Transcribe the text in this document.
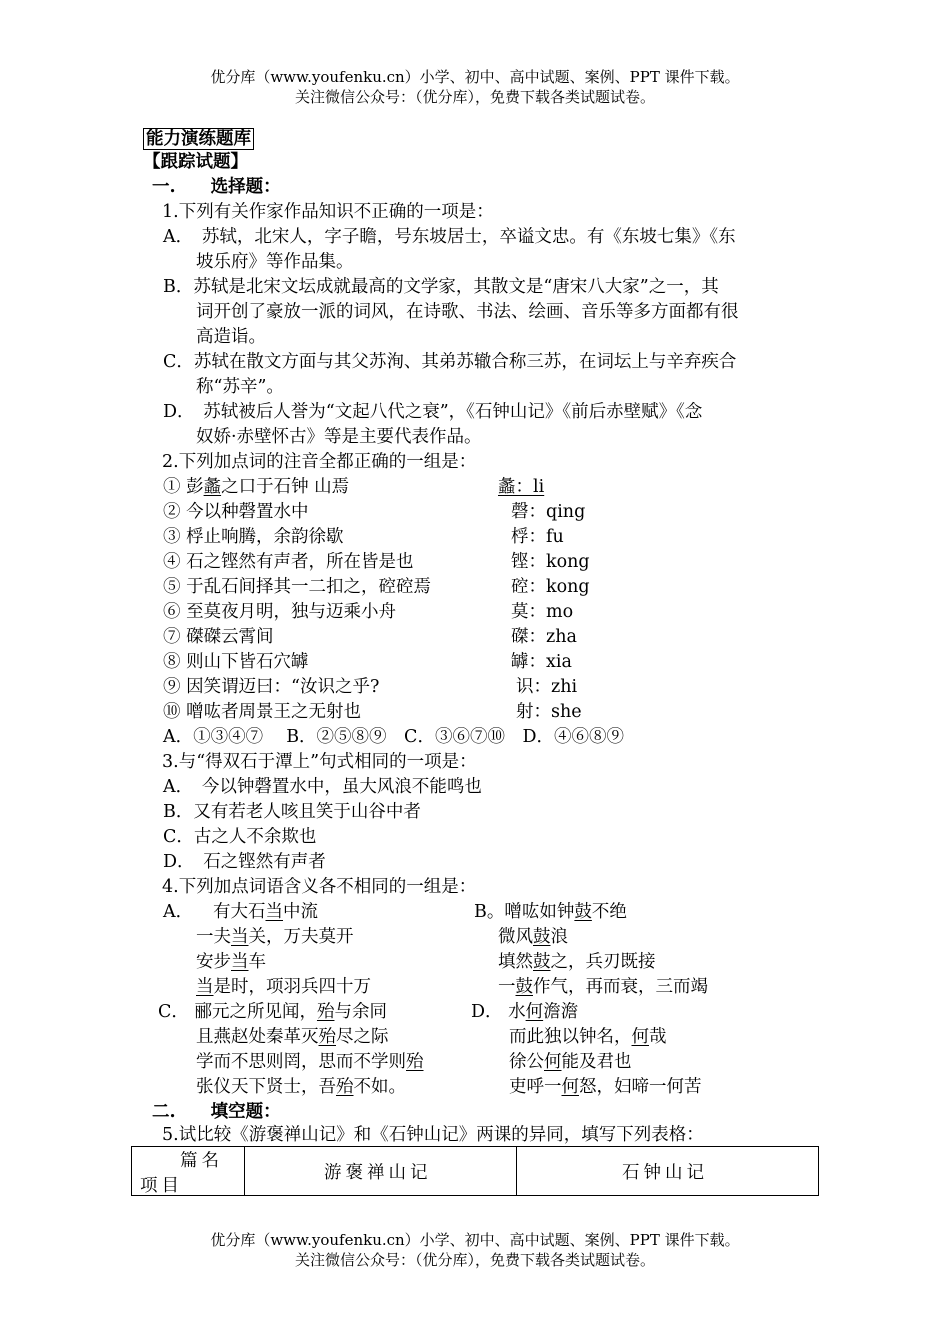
优分库（www.youfenku.cn）小学、初中、高中试题、案例、PPT 课件下载。
关注微信公众号：（优分库），免费下载各类试题试卷。
能力演练题库
【跟踪试题】
一.　　选择题：
1.下列有关作家作品知识不正确的一项是：
A．　苏轼，北宋人，字子瞻，号东坡居士，卒谥文忠。有《东坡七集》《东
坡乐府》等作品集。
B．苏轼是北宋文坛成就最高的文学家，其散文是“唐宋八大家”之一，其
词开创了豪放一派的词风，在诗歌、书法、绘画、音乐等多方面都有很
高造诣。
C．苏轼在散文方面与其父苏洵、其弟苏辙合称三苏，在词坛上与辛弃疾合
称“苏辛”。
D．　苏轼被后人誉为“文起八代之衰”，《石钟山记》《前后赤壁赋》《念
奴娇·赤壁怀古》等是主要代表作品。
2.下列加点词的注音全都正确的一组是：
① 彭蠡之口于石钟 山焉	蠡：li
② 今以种磬置水中	磬：qing
③ 桴止响腾，余韵徐歇	桴：fu
④ 石之铿然有声者，所在皆是也	铿：kong
⑤ 于乱石间择其一二扣之，硿硿焉	硿：kong
⑥ 至莫夜月明，独与迈乘小舟	莫：mo
⑦ 磔磔云霄间	磔：zha
⑧ 则山下皆石穴罅	罅：xia
⑨ 因笑谓迈曰：“汝识之乎?	识：zhi
⑩ 噌吰者周景王之无射也	射：she
A．①③④⑦　 B．②⑤⑧⑨　C．③⑥⑦⑩　D．④⑥⑧⑨
3.与“得双石于潭上”句式相同的一项是：
A．　今以钟磬置水中，虽大风浪不能鸣也
B．又有若老人咳且笑于山谷中者
C．古之人不余欺也
D．　石之铿然有声者
4.下列加点词语含义各不相同的一组是：
A． 有大石当中流
一夫当关，万夫莫开
安步当车
当是时，项羽兵四十万
B。噌吰如钟鼓不绝
微风鼓浪
填然鼓之，兵刃既接
一鼓作气，再而衰，三而竭
C． 郦元之所见闻，殆与余同
且燕赵处秦革灭殆尽之际
学而不思则罔，思而不学则殆
张仪天下贤士，吾殆不如。
D． 水何澹澹
而此独以钟名，何哉
徐公何能及君也
吏呼一何怒，妇啼一何苦
二.　　填空题：
5.试比较《游褒禅山记》和《石钟山记》两课的异同，填写下列表格：
篇名
项目
游褒禅山记	石钟山记
优分库（www.youfenku.cn）小学、初中、高中试题、案例、PPT 课件下载。
关注微信公众号：（优分库），免费下载各类试题试卷。
